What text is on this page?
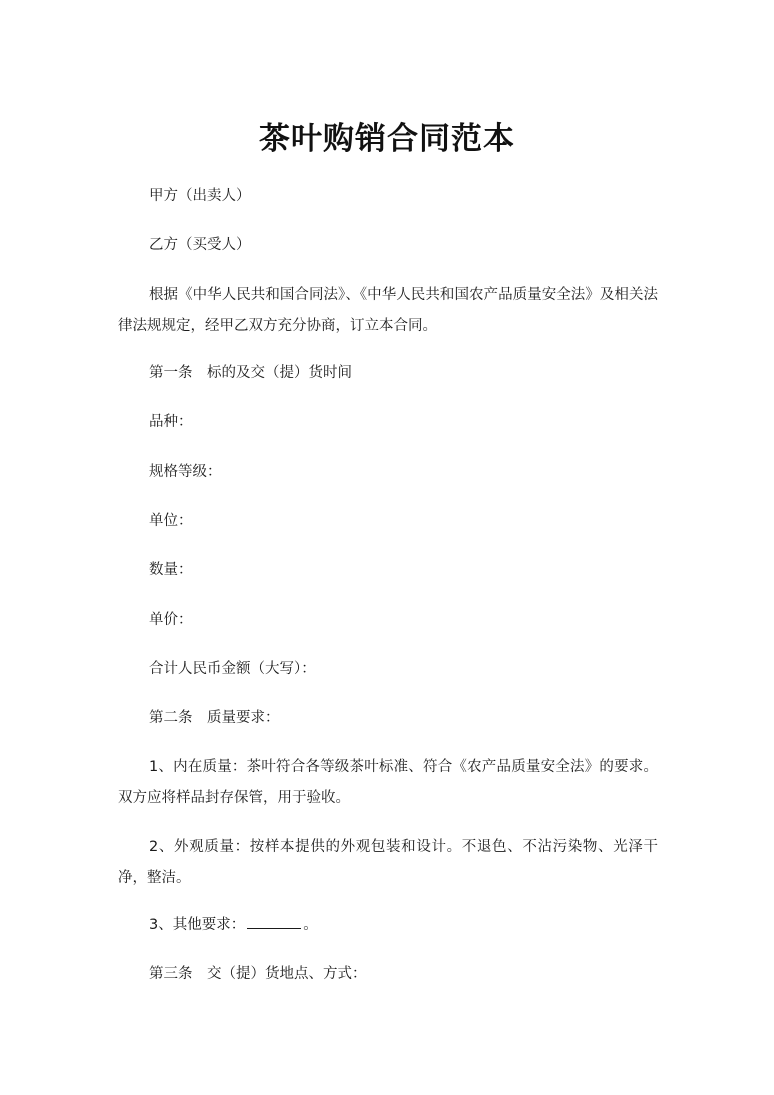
茶叶购销合同范本
甲方（出卖人）
乙方（买受人）
根据《中华人民共和国合同法》、《中华人民共和国农产品质量安全法》及相关法律法规规定，经甲乙双方充分协商，订立本合同。
第一条　标的及交（提）货时间
品种：
规格等级：
单位：
数量：
单价：
合计人民币金额（大写）：
第二条　质量要求：
1、内在质量：茶叶符合各等级茶叶标准、符合《农产品质量安全法》的要求。双方应将样品封存保管，用于验收。
2、外观质量：按样本提供的外观包装和设计。不退色、不沾污染物、光泽干净，整洁。
3、其他要求：	。
第三条　交（提）货地点、方式：
